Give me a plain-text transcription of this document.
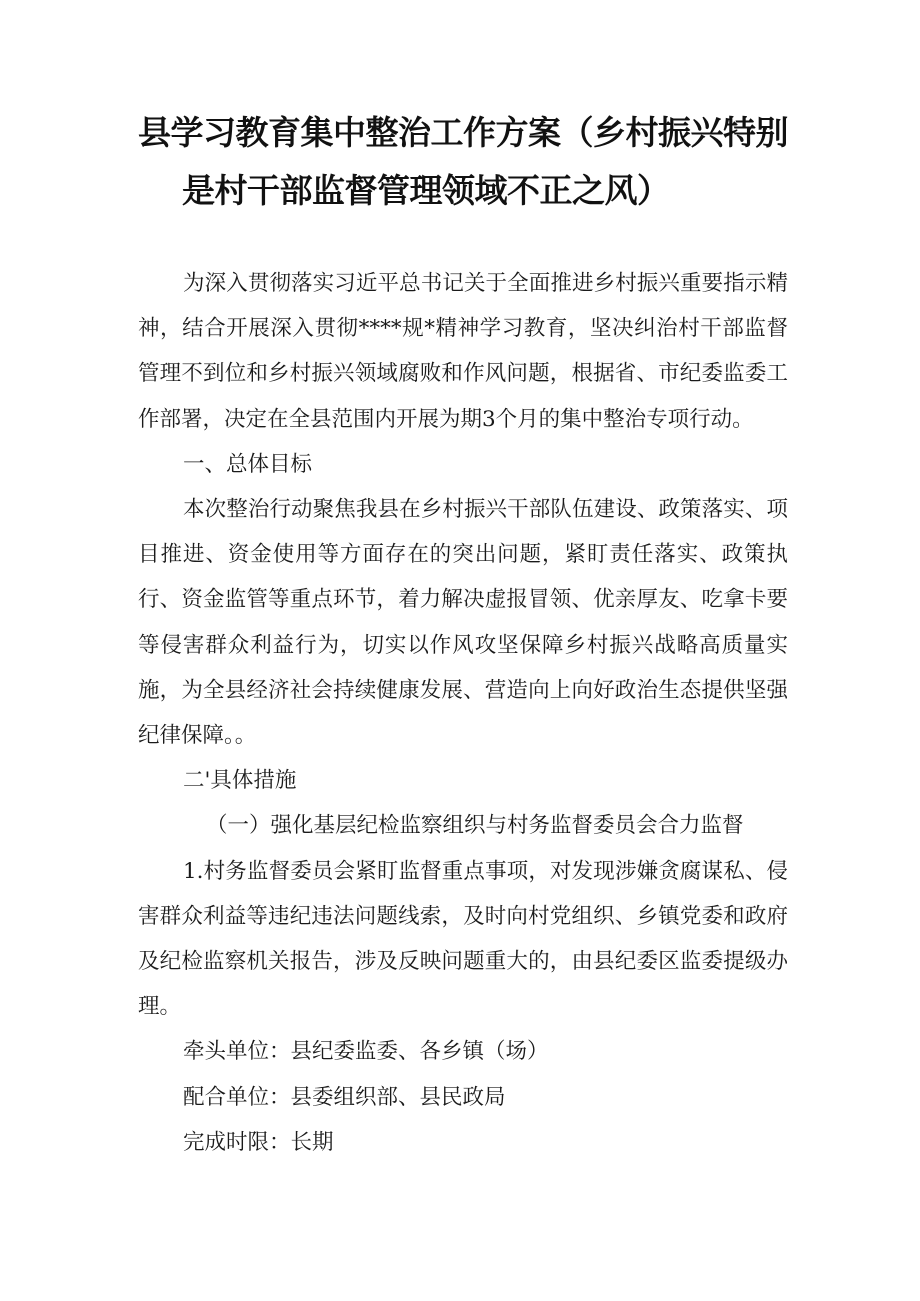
县学习教育集中整治工作方案（乡村振兴特别
是村干部监督管理领域不正之风）

为深入贯彻落实习近平总书记关于全面推进乡村振兴重要指示精神，结合开展深入贯彻****规*精神学习教育，坚决纠治村干部监督管理不到位和乡村振兴领域腐败和作风问题，根据省、市纪委监委工作部署，决定在全县范围内开展为期3个月的集中整治专项行动。

一、总体目标

本次整治行动聚焦我县在乡村振兴干部队伍建设、政策落实、项目推进、资金使用等方面存在的突出问题，紧盯责任落实、政策执行、资金监管等重点环节，着力解决虚报冒领、优亲厚友、吃拿卡要等侵害群众利益行为，切实以作风攻坚保障乡村振兴战略高质量实施，为全县经济社会持续健康发展、营造向上向好政治生态提供坚强纪律保障。。

二'具体措施

（一）强化基层纪检监察组织与村务监督委员会合力监督

1.村务监督委员会紧盯监督重点事项，对发现涉嫌贪腐谋私、侵害群众利益等违纪违法问题线索，及时向村党组织、乡镇党委和政府及纪检监察机关报告，涉及反映问题重大的，由县纪委区监委提级办理。

牵头单位：县纪委监委、各乡镇（场）

配合单位：县委组织部、县民政局

完成时限：长期
